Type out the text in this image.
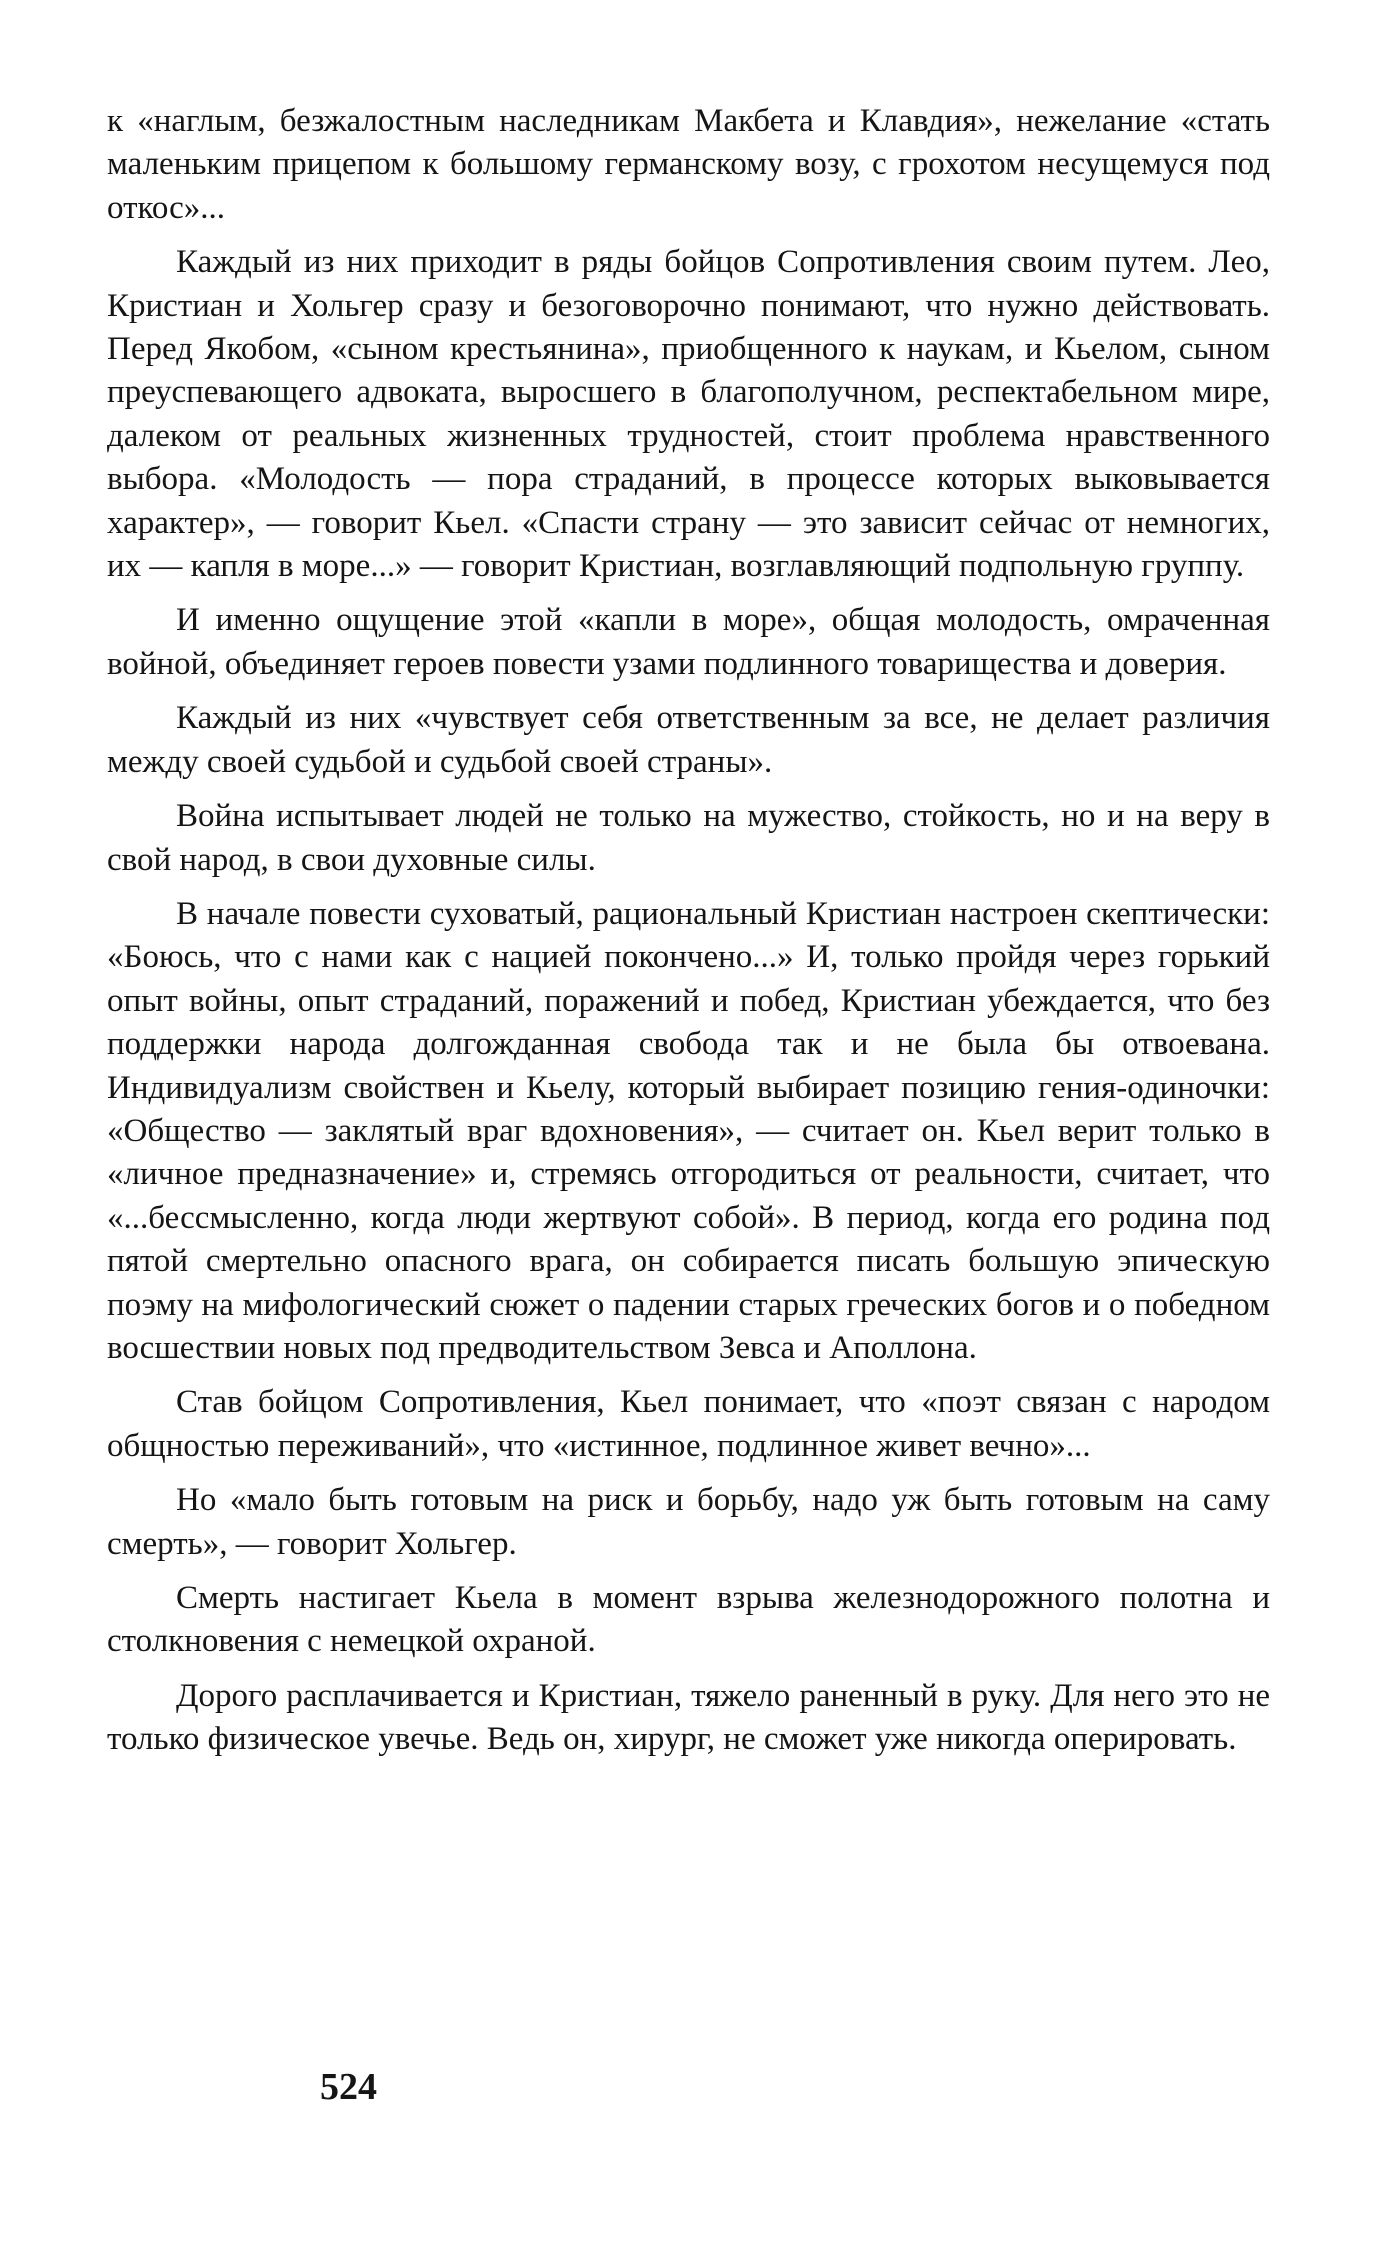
к «наглым, безжалостным наследникам Макбета и Клавдия», нежелание «стать маленьким прицепом к большому германскому возу, с грохотом несущемуся под откос»...

Каждый из них приходит в ряды бойцов Сопротивления своим путем. Лео, Кристиан и Хольгер сразу и безоговорочно понимают, что нужно действовать. Перед Якобом, «сыном крестьянина», приобщенного к наукам, и Кьелом, сыном преуспевающего адвоката, выросшего в благополучном, респектабельном мире, далеком от реальных жизненных трудностей, стоит проблема нравственного выбора. «Молодость — пора страданий, в процессе которых выковывается характер», — говорит Кьел. «Спасти страну — это зависит сейчас от немногих, их — капля в море...» — говорит Кристиан, возглавляющий подпольную группу.

И именно ощущение этой «капли в море», общая молодость, омраченная войной, объединяет героев повести узами подлинного товарищества и доверия.

Каждый из них «чувствует себя ответственным за все, не делает различия между своей судьбой и судьбой своей страны».

Война испытывает людей не только на мужество, стойкость, но и на веру в свой народ, в свои духовные силы.

В начале повести суховатый, рациональный Кристиан настроен скептически: «Боюсь, что с нами как с нацией покончено...» И, только пройдя через горький опыт войны, опыт страданий, поражений и побед, Кристиан убеждается, что без поддержки народа долгожданная свобода так и не была бы отвоевана. Индивидуализм свойствен и Кьелу, который выбирает позицию гения-одиночки: «Общество — заклятый враг вдохновения», — считает он. Кьел верит только в «личное предназначение» и, стремясь отгородиться от реальности, считает, что «...бессмысленно, когда люди жертвуют собой». В период, когда его родина под пятой смертельно опасного врага, он собирается писать большую эпическую поэму на мифологический сюжет о падении старых греческих богов и о победном восшествии новых под предводительством Зевса и Аполлона.

Став бойцом Сопротивления, Кьел понимает, что «поэт связан с народом общностью переживаний», что «истинное, подлинное живет вечно»...

Но «мало быть готовым на риск и борьбу, надо уж быть готовым на саму смерть», — говорит Хольгер.

Смерть настигает Кьела в момент взрыва железнодорожного полотна и столкновения с немецкой охраной.

Дорого расплачивается и Кристиан, тяжело раненный в руку. Для него это не только физическое увечье. Ведь он, хирург, не сможет уже никогда оперировать.

524
